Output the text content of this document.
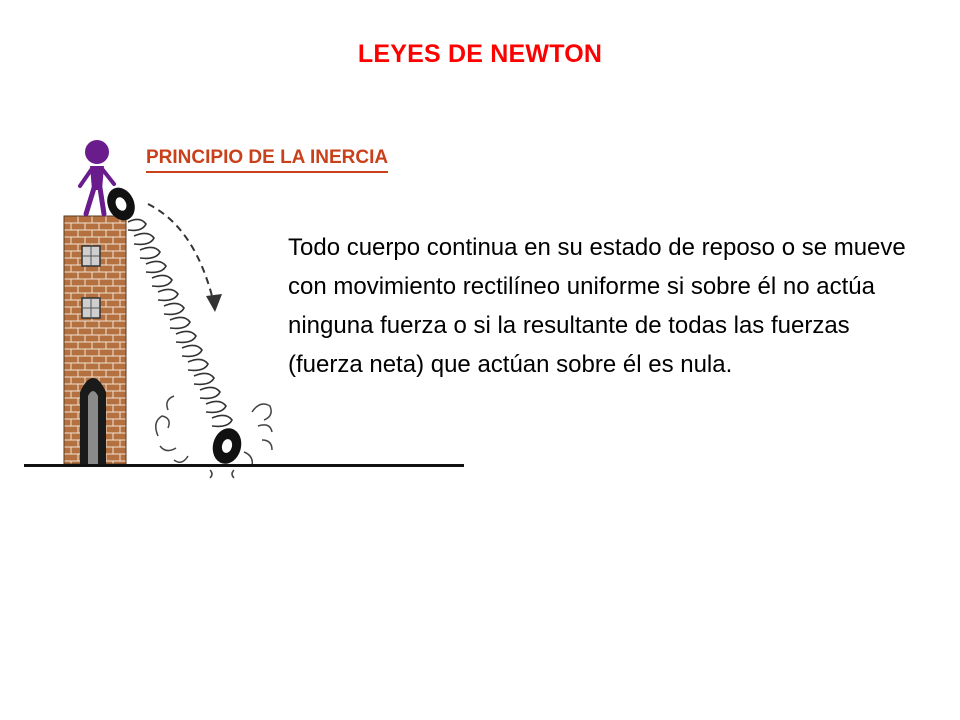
LEYES DE NEWTON
PRINCIPIO DE LA INERCIA
Todo cuerpo continua en su estado de reposo o se mueve con movimiento rectilíneo uniforme si sobre él no actúa ninguna fuerza o si la resultante de todas las fuerzas (fuerza neta) que actúan sobre él es nula.
